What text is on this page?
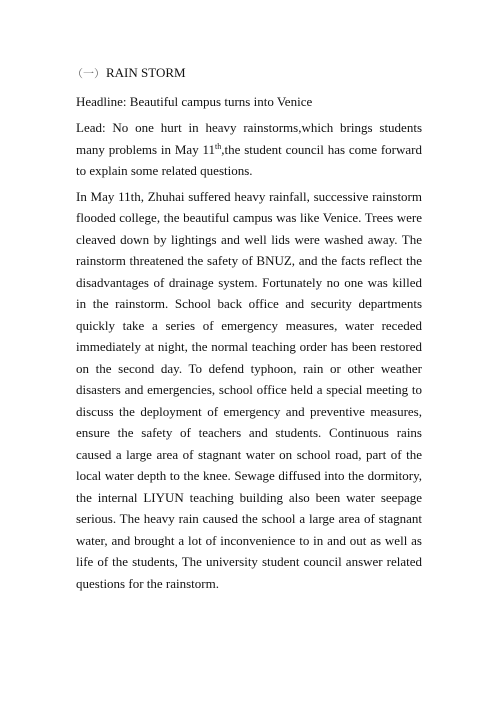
（一）RAIN STORM

Headline: Beautiful campus turns into Venice

Lead: No one hurt in heavy rainstorms,which brings students many problems in May 11th,the student council has come forward to explain some related questions.

In May 11th, Zhuhai suffered heavy rainfall, successive rainstorm flooded college, the beautiful campus was like Venice. Trees were cleaved down by lightings and well lids were washed away. The rainstorm threatened the safety of BNUZ, and the facts reflect the disadvantages of drainage system. Fortunately no one was killed in the rainstorm. School back office and security departments quickly take a series of emergency measures, water receded immediately at night, the normal teaching order has been restored on the second day. To defend typhoon, rain or other weather disasters and emergencies, school office held a special meeting to discuss the deployment of emergency and preventive measures, ensure the safety of teachers and students. Continuous rains caused a large area of stagnant water on school road, part of the local water depth to the knee. Sewage diffused into the dormitory, the internal LIYUN teaching building also been water seepage serious. The heavy rain caused the school a large area of stagnant water, and brought a lot of inconvenience to in and out as well as life of the students, The university student council answer related questions for the rainstorm.
